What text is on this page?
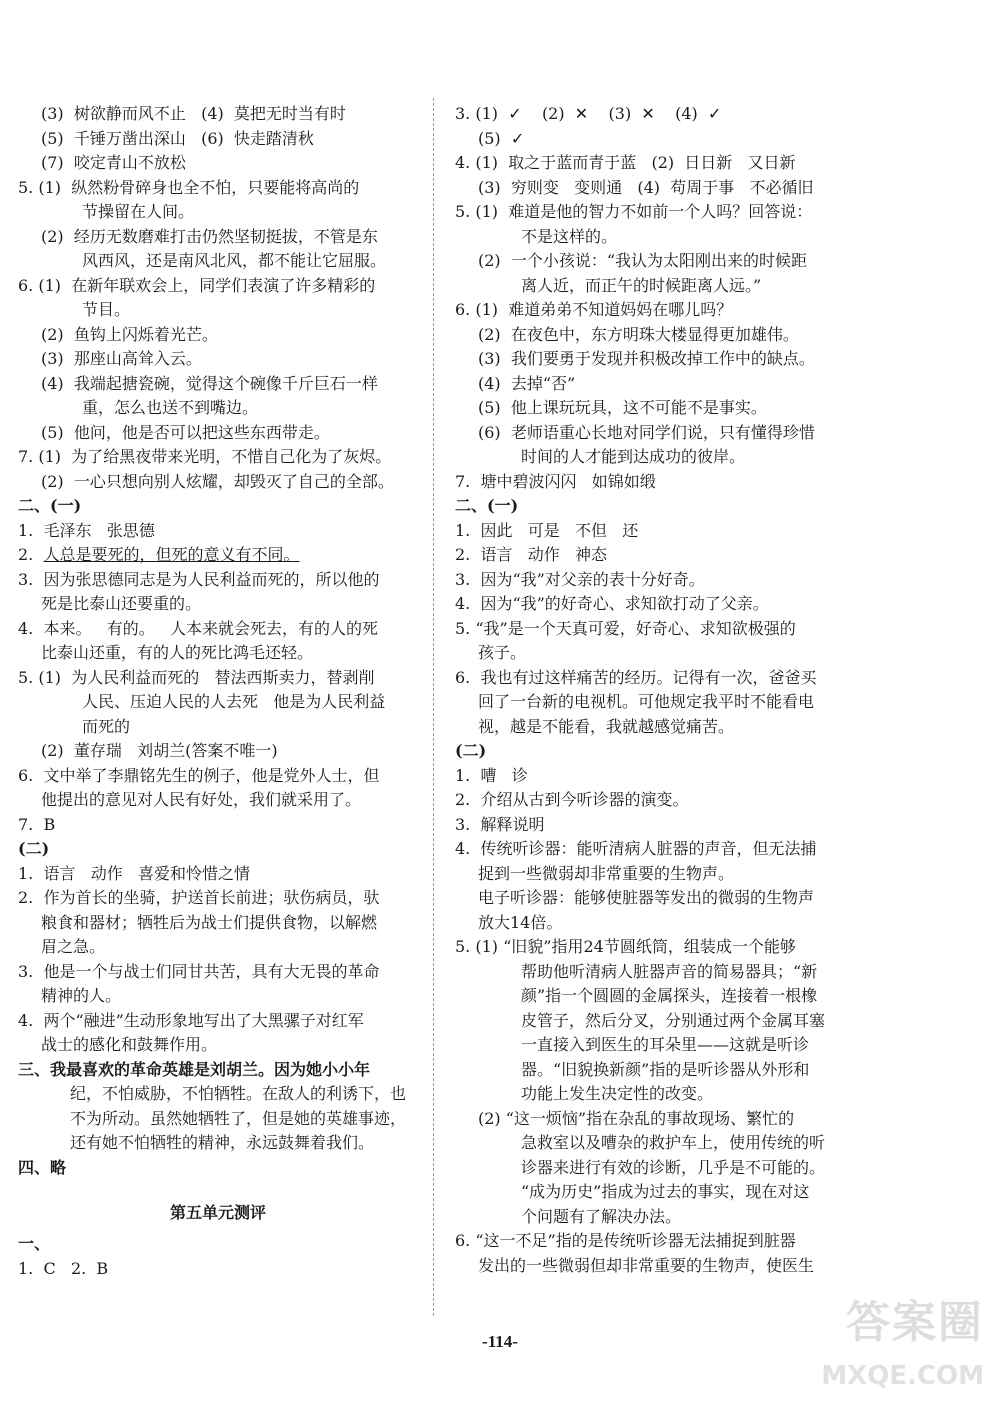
(3)  树欲静而风不止   (4)  莫把无时当有时
(5)  千锤万凿出深山   (6)  快走踏清秋
(7)  咬定青山不放松
5. (1)  纵然粉骨碎身也全不怕，只要能将高尚的
节操留在人间。
(2)  经历无数磨难打击仍然坚韧挺拔，不管是东
风西风，还是南风北风，都不能让它屈服。
6. (1)  在新年联欢会上，同学们表演了许多精彩的
节目。
(2)  鱼钩上闪烁着光芒。
(3)  那座山高耸入云。
(4)  我端起搪瓷碗，觉得这个碗像千斤巨石一样
重，怎么也送不到嘴边。
(5)  他问，他是否可以把这些东西带走。
7. (1)  为了给黑夜带来光明，不惜自己化为了灰烬。
(2)  一心只想向别人炫耀，却毁灭了自己的全部。
二、(一)
1.  毛泽东   张思德
2.  人总是要死的，但死的意义有不同。
3.  因为张思德同志是为人民利益而死的，所以他的
死是比泰山还要重的。
4.  本来。   有的。   人本来就会死去，有的人的死
比泰山还重，有的人的死比鸿毛还轻。
5. (1)  为人民利益而死的   替法西斯卖力，替剥削
人民、压迫人民的人去死   他是为人民利益
而死的
(2)  董存瑞   刘胡兰(答案不唯一)
6.  文中举了李鼎铭先生的例子，他是党外人士，但
他提出的意见对人民有好处，我们就采用了。
7.  B
(二)
1.  语言   动作   喜爱和怜惜之情
2.  作为首长的坐骑，护送首长前进；驮伤病员，驮
粮食和器材；牺牲后为战士们提供食物，以解燃
眉之急。
3.  他是一个与战士们同甘共苦，具有大无畏的革命
精神的人。
4.  两个“融进”生动形象地写出了大黑骡子对红军
战士的感化和鼓舞作用。
三、我最喜欢的革命英雄是刘胡兰。因为她小小年
纪，不怕威胁，不怕牺牲。在敌人的利诱下，也
不为所动。虽然她牺牲了，但是她的英雄事迹，
还有她不怕牺牲的精神，永远鼓舞着我们。
四、略
第五单元测评
一、
1.  C   2.  B
3. (1)  ✓    (2)  ✕    (3)  ✕    (4)  ✓
(5)  ✓
4. (1)  取之于蓝而青于蓝   (2)  日日新   又日新
(3)  穷则变   变则通   (4)  苟周于事   不必循旧
5. (1)  难道是他的智力不如前一个人吗？回答说：
不是这样的。
(2)  一个小孩说：“我认为太阳刚出来的时候距
离人近，而正午的时候距离人远。”
6. (1)  难道弟弟不知道妈妈在哪儿吗？
(2)  在夜色中，东方明珠大楼显得更加雄伟。
(3)  我们要勇于发现并积极改掉工作中的缺点。
(4)  去掉“否”
(5)  他上课玩玩具，这不可能不是事实。
(6)  老师语重心长地对同学们说，只有懂得珍惜
时间的人才能到达成功的彼岸。
7.  塘中碧波闪闪   如锦如缎
二、(一)
1.  因此   可是   不但   还
2.  语言   动作   神态
3.  因为“我”对父亲的表十分好奇。
4.  因为“我”的好奇心、求知欲打动了父亲。
5. “我”是一个天真可爱，好奇心、求知欲极强的
孩子。
6.  我也有过这样痛苦的经历。记得有一次，爸爸买
回了一台新的电视机。可他规定我平时不能看电
视，越是不能看，我就越感觉痛苦。
(二)
1.  嘈   诊
2.  介绍从古到今听诊器的演变。
3.  解释说明
4.  传统听诊器：能听清病人脏器的声音，但无法捕
捉到一些微弱却非常重要的生物声。
电子听诊器：能够使脏器等发出的微弱的生物声
放大14倍。
5. (1) “旧貌”指用24节圆纸筒，组装成一个能够
帮助他听清病人脏器声音的简易器具；“新
颜”指一个圆圆的金属探头，连接着一根橡
皮管子，然后分叉，分别通过两个金属耳塞
一直接入到医生的耳朵里——这就是听诊
器。“旧貌换新颜”指的是听诊器从外形和
功能上发生决定性的改变。
(2) “这一烦恼”指在杂乱的事故现场、繁忙的
急救室以及嘈杂的救护车上，使用传统的听
诊器来进行有效的诊断，几乎是不可能的。
“成为历史”指成为过去的事实，现在对这
个问题有了解决办法。
6. “这一不足”指的是传统听诊器无法捕捉到脏器
发出的一些微弱但却非常重要的生物声，使医生
-114-	答案圈
MXQE.COM
